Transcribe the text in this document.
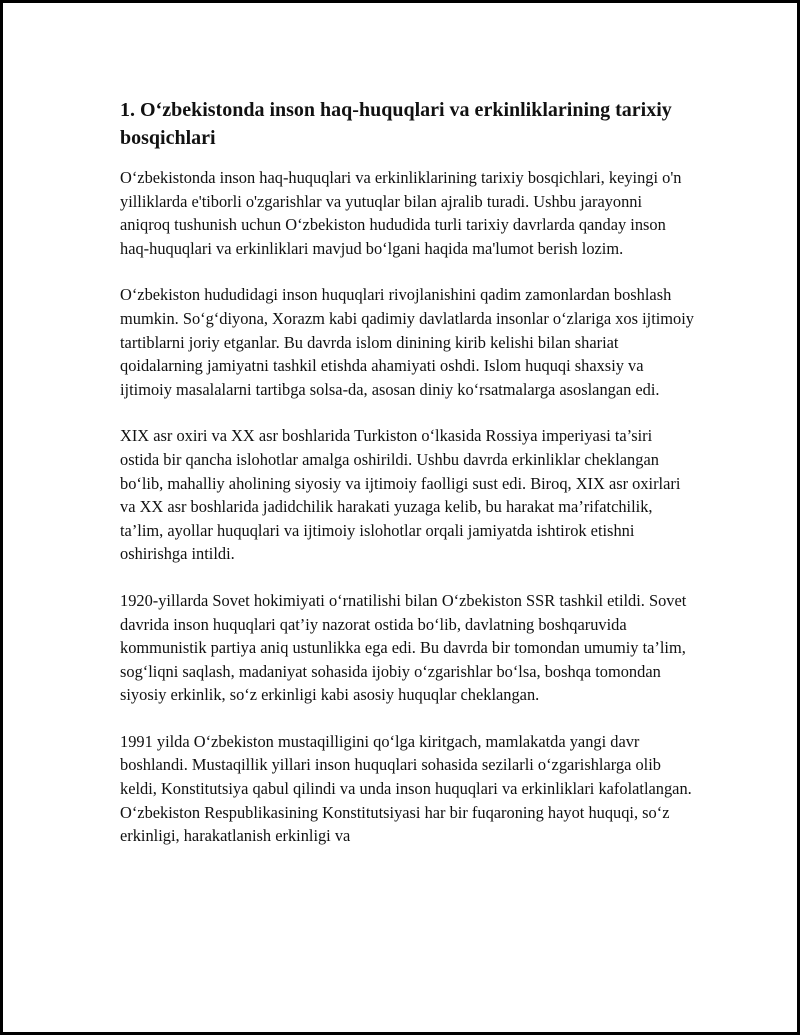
1. O‘zbekistonda inson haq-huquqlari va erkinliklarining tarixiy bosqichlari

O‘zbekistonda inson haq-huquqlari va erkinliklarining tarixiy bosqichlari, keyingi o'n yilliklarda e'tiborli o'zgarishlar va yutuqlar bilan ajralib turadi. Ushbu jarayonni aniqroq tushunish uchun O‘zbekiston hududida turli tarixiy davrlarda qanday inson haq-huquqlari va erkinliklari mavjud bo‘lgani haqida ma'lumot berish lozim.

O‘zbekiston hududidagi inson huquqlari rivojlanishini qadim zamonlardan boshlash mumkin. So‘g‘diyona, Xorazm kabi qadimiy davlatlarda insonlar o‘zlariga xos ijtimoiy tartiblarni joriy etganlar. Bu davrda islom dinining kirib kelishi bilan shariat qoidalarning jamiyatni tashkil etishda ahamiyati oshdi. Islom huquqi shaxsiy va ijtimoiy masalalarni tartibga solsa-da, asosan diniy ko‘rsatmalarga asoslangan edi.

XIX asr oxiri va XX asr boshlarida Turkiston o‘lkasida Rossiya imperiyasi ta’siri ostida bir qancha islohotlar amalga oshirildi. Ushbu davrda erkinliklar cheklangan bo‘lib, mahalliy aholining siyosiy va ijtimoiy faolligi sust edi. Biroq, XIX asr oxirlari va XX asr boshlarida jadidchilik harakati yuzaga kelib, bu harakat ma’rifatchilik, ta’lim, ayollar huquqlari va ijtimoiy islohotlar orqali jamiyatda ishtirok etishni oshirishga intildi.

1920-yillarda Sovet hokimiyati o‘rnatilishi bilan O‘zbekiston SSR tashkil etildi. Sovet davrida inson huquqlari qat’iy nazorat ostida bo‘lib, davlatning boshqaruvida kommunistik partiya aniq ustunlikka ega edi. Bu davrda bir tomondan umumiy ta’lim, sog‘liqni saqlash, madaniyat sohasida ijobiy o‘zgarishlar bo‘lsa, boshqa tomondan siyosiy erkinlik, so‘z erkinligi kabi asosiy huquqlar cheklangan.

1991 yilda O‘zbekiston mustaqilligini qo‘lga kiritgach, mamlakatda yangi davr boshlandi. Mustaqillik yillari inson huquqlari sohasida sezilarli o‘zgarishlarga olib keldi, Konstitutsiya qabul qilindi va unda inson huquqlari va erkinliklari kafolatlangan. O‘zbekiston Respublikasining Konstitutsiyasi har bir fuqaroning hayot huquqi, so‘z erkinligi, harakatlanish erkinligi va
